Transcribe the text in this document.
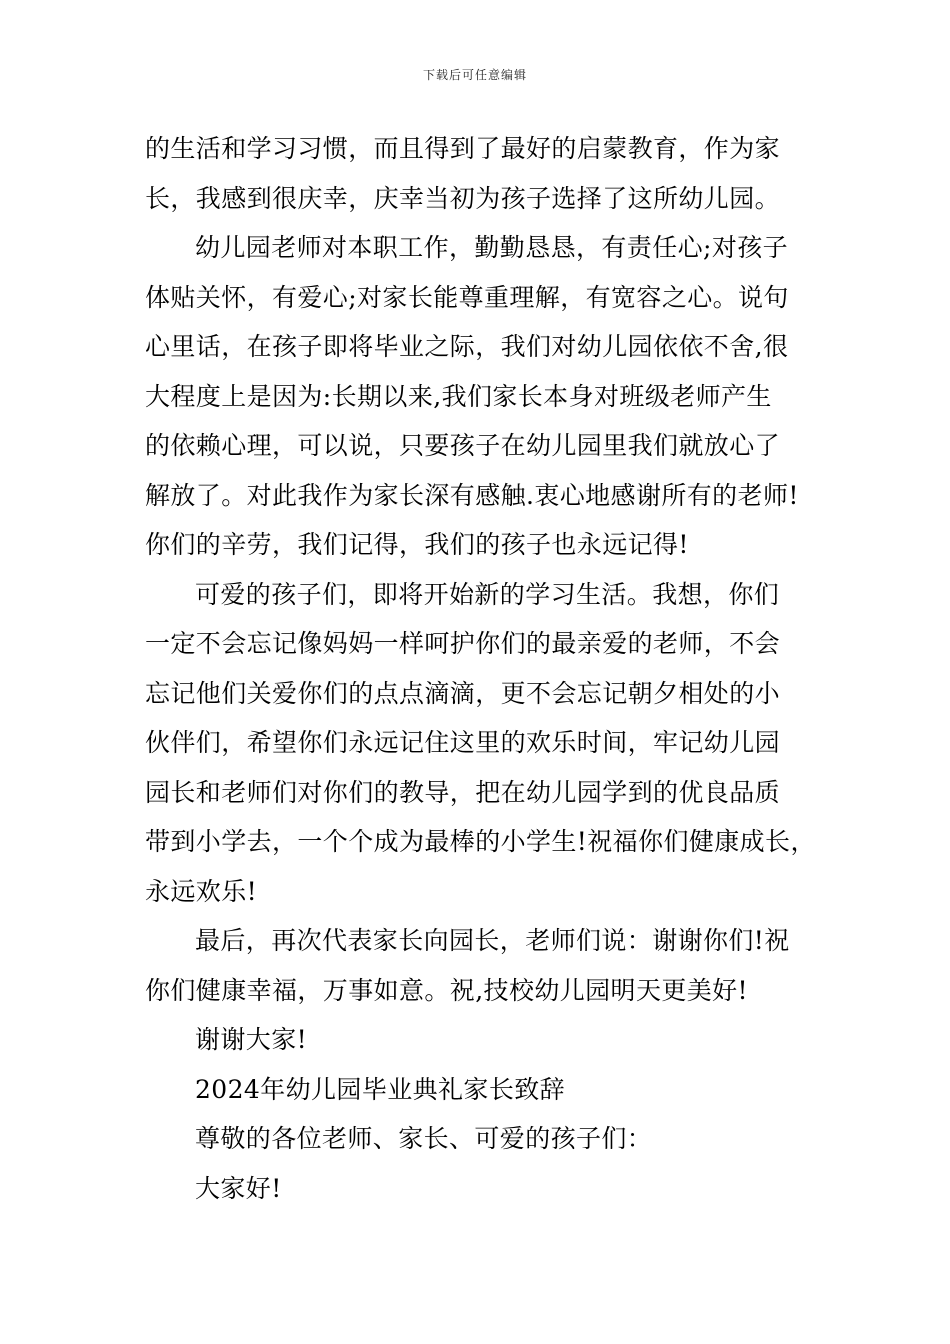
下载后可任意编辑
的生活和学习习惯，而且得到了最好的启蒙教育，作为家
长，我感到很庆幸，庆幸当初为孩子选择了这所幼儿园。
幼儿园老师对本职工作，勤勤恳恳，有责任心;对孩子
体贴关怀，有爱心;对家长能尊重理解，有宽容之心。说句
心里话，在孩子即将毕业之际，我们对幼儿园依依不舍,很
大程度上是因为:长期以来,我们家长本身对班级老师产生
的依赖心理，可以说，只要孩子在幼儿园里我们就放心了
解放了。对此我作为家长深有感触.衷心地感谢所有的老师!
你们的辛劳，我们记得，我们的孩子也永远记得!
可爱的孩子们，即将开始新的学习生活。我想，你们
一定不会忘记像妈妈一样呵护你们的最亲爱的老师，不会
忘记他们关爱你们的点点滴滴，更不会忘记朝夕相处的小
伙伴们，希望你们永远记住这里的欢乐时间，牢记幼儿园
园长和老师们对你们的教导，把在幼儿园学到的优良品质
带到小学去，一个个成为最棒的小学生!祝福你们健康成长，
永远欢乐!
最后，再次代表家长向园长，老师们说：谢谢你们!祝
你们健康幸福，万事如意。祝,技校幼儿园明天更美好!
谢谢大家!
2024年幼儿园毕业典礼家长致辞
尊敬的各位老师、家长、可爱的孩子们：
大家好!
